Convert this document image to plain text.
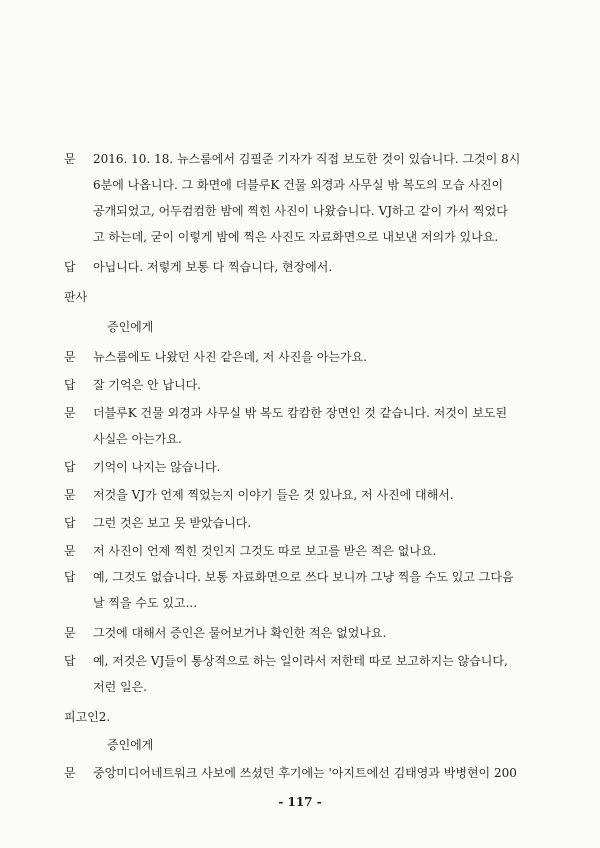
문 2016. 10. 18. 뉴스룸에서 김필준 기자가 직접 보도한 것이 있습니다. 그것이 8시
6분에 나옵니다. 그 화면에 더블루K 건물 외경과 사무실 밖 복도의 모습 사진이
공개되었고, 어두컴컴한 밤에 찍힌 사진이 나왔습니다. VJ하고 같이 가서 찍었다
고 하는데, 굳이 이렇게 밤에 찍은 사진도 자료화면으로 내보낸 저의가 있나요.
답 아닙니다. 저렇게 보통 다 찍습니다, 현장에서.
판사
증인에게
문 뉴스룸에도 나왔던 사진 같은데, 저 사진을 아는가요.
답 잘 기억은 안 납니다.
문 더블루K 건물 외경과 사무실 밖 복도 캄캄한 장면인 것 같습니다. 저것이 보도된
사실은 아는가요.
답 기억이 나지는 않습니다.
문 저것을 VJ가 언제 찍었는지 이야기 들은 것 있나요, 저 사진에 대해서.
답 그런 것은 보고 못 받았습니다.
문 저 사진이 언제 찍힌 것인지 그것도 따로 보고를 받은 적은 없나요.
답 예, 그것도 없습니다. 보통 자료화면으로 쓰다 보니까 그냥 찍을 수도 있고 그다음
날 찍을 수도 있고...
문 그것에 대해서 증인은 물어보거나 확인한 적은 없었나요.
답 예, 저것은 VJ들이 통상적으로 하는 일이라서 저한테 따로 보고하지는 않습니다,
저런 일은.
피고인2.
증인에게
문 중앙미디어네트워크 사보에 쓰셨던 후기에는 '아지트에선 김태영과 박병현이 200
- 117 -
